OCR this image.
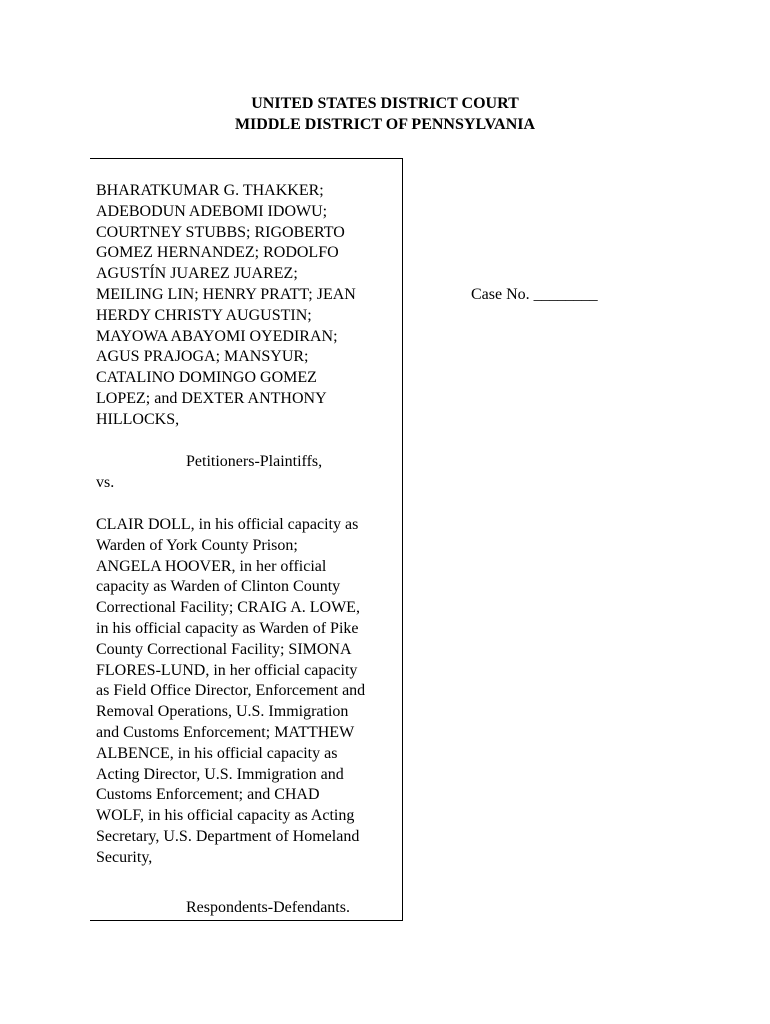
UNITED STATES DISTRICT COURT
MIDDLE DISTRICT OF PENNSYLVANIA
BHARATKUMAR G. THAKKER;
ADEBODUN ADEBOMI IDOWU;
COURTNEY STUBBS; RIGOBERTO
GOMEZ HERNANDEZ; RODOLFO
AGUSTÍN JUAREZ JUAREZ;
MEILING LIN; HENRY PRATT; JEAN
HERDY CHRISTY AUGUSTIN;
MAYOWA ABAYOMI OYEDIRAN;
AGUS PRAJOGA; MANSYUR;
CATALINO DOMINGO GOMEZ
LOPEZ; and DEXTER ANTHONY
HILLOCKS,
Petitioners-Plaintiffs,
vs.
CLAIR DOLL, in his official capacity as
Warden of York County Prison;
ANGELA HOOVER, in her official
capacity as Warden of Clinton County
Correctional Facility; CRAIG A. LOWE,
in his official capacity as Warden of Pike
County Correctional Facility; SIMONA
FLORES-LUND, in her official capacity
as Field Office Director, Enforcement and
Removal Operations, U.S. Immigration
and Customs Enforcement; MATTHEW
ALBENCE, in his official capacity as
Acting Director, U.S. Immigration and
Customs Enforcement; and CHAD
WOLF, in his official capacity as Acting
Secretary, U.S. Department of Homeland
Security,
Respondents-Defendants.
Case No. ________
